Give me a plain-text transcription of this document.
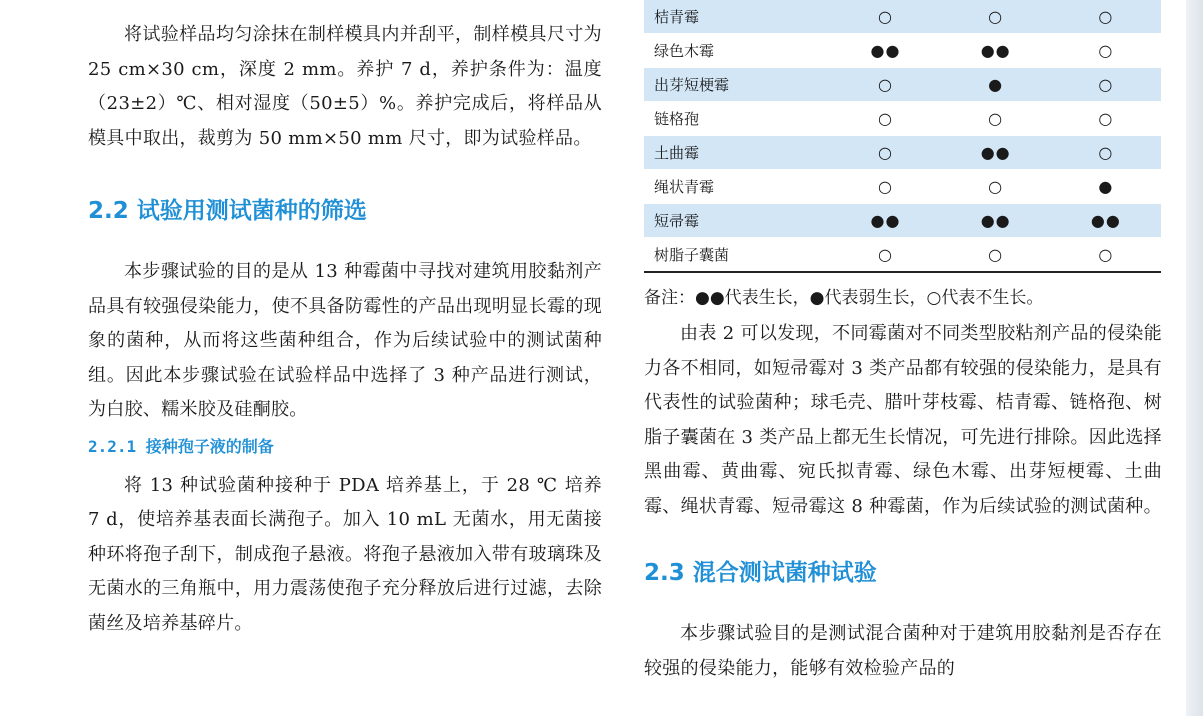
将试验样品均匀涂抹在制样模具内并刮平，制样模具尺寸为 25 cm×30 cm，深度 2 mm。养护 7 d，养护条件为：温度（23±2）℃、相对湿度（50±5）%。养护完成后，将样品从模具中取出，裁剪为 50 mm×50 mm 尺寸，即为试验样品。

2.2 试验用测试菌种的筛选

本步骤试验的目的是从 13 种霉菌中寻找对建筑用胶黏剂产品具有较强侵染能力，使不具备防霉性的产品出现明显长霉的现象的菌种，从而将这些菌种组合，作为后续试验中的测试菌种组。因此本步骤试验在试验样品中选择了 3 种产品进行测试，为白胶、糯米胶及硅酮胶。

2.2.1 接种孢子液的制备

将 13 种试验菌种接种于 PDA 培养基上，于 28 ℃ 培养 7 d，使培养基表面长满孢子。加入 10 mL 无菌水，用无菌接种环将孢子刮下，制成孢子悬液。将孢子悬液加入带有玻璃珠及无菌水的三角瓶中，用力震荡使孢子充分释放后进行过滤，去除菌丝及培养基碎片。

桔青霉	○	○	○
绿色木霉	●●	●●	○
出芽短梗霉	○	●	○
链格孢	○	○	○
土曲霉	○	●●	○
绳状青霉	○	○	●
短帚霉	●●	●●	●●
树脂子囊菌	○	○	○

备注：●●代表生长，●代表弱生长，○代表不生长。

由表 2 可以发现，不同霉菌对不同类型胶粘剂产品的侵染能力各不相同，如短帚霉对 3 类产品都有较强的侵染能力，是具有代表性的试验菌种；球毛壳、腊叶芽枝霉、桔青霉、链格孢、树脂子囊菌在 3 类产品上都无生长情况，可先进行排除。因此选择黑曲霉、黄曲霉、宛氏拟青霉、绿色木霉、出芽短梗霉、土曲霉、绳状青霉、短帚霉这 8 种霉菌，作为后续试验的测试菌种。

2.3 混合测试菌种试验

本步骤试验目的是测试混合菌种对于建筑用胶黏剂是否存在较强的侵染能力，能够有效检验产品的
